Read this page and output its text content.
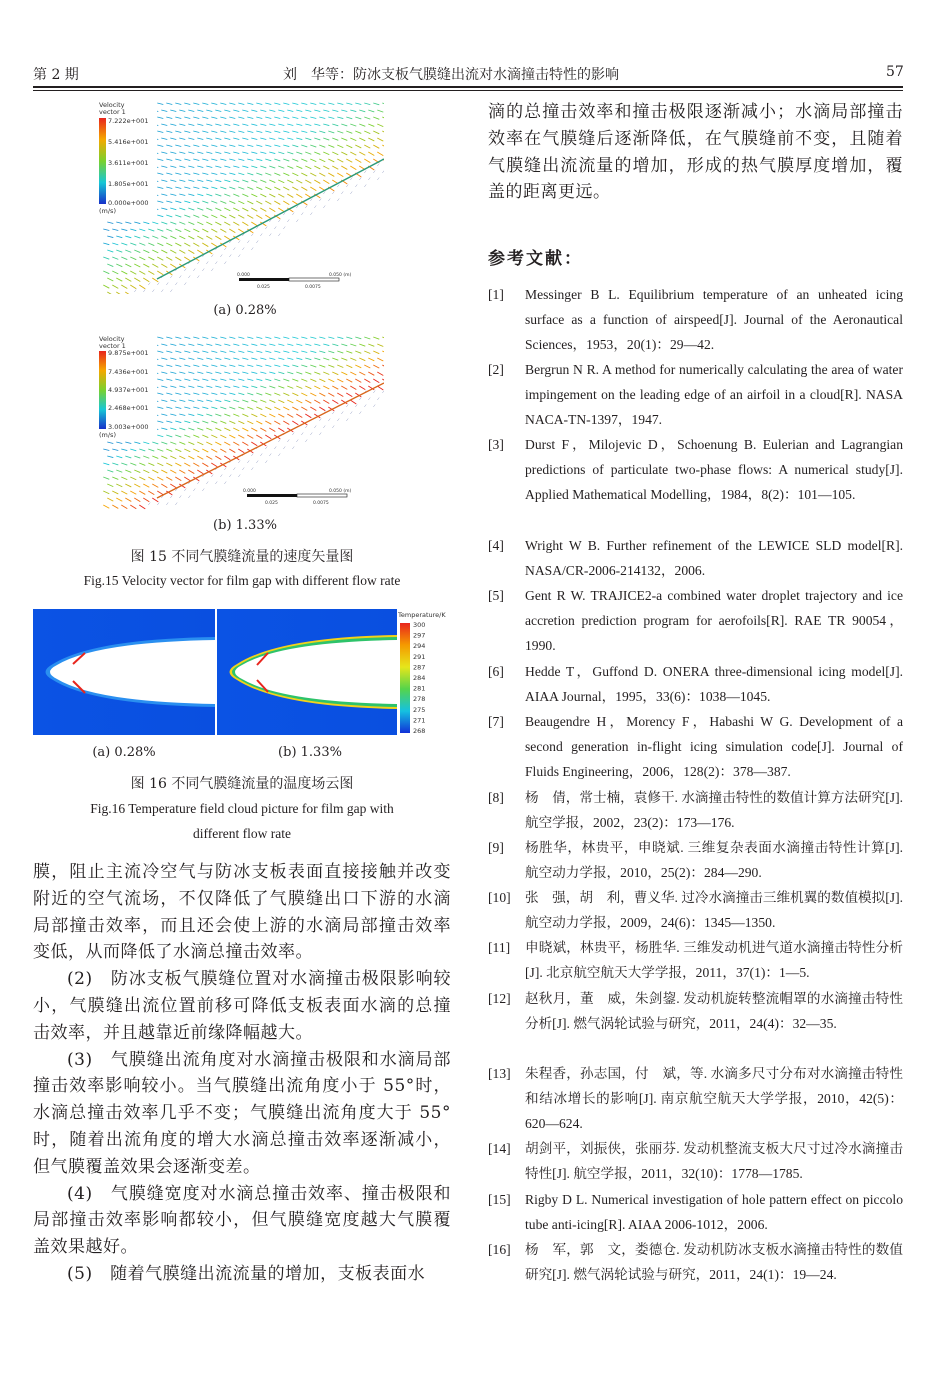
第 2 期	刘　华等：防冰支板气膜缝出流对水滴撞击特性的影响	57
Velocity
vector 1
7.222e+001
5.416e+001
3.611e+001
1.805e+001
0.000e+000
(m/s)
0.000	0.050 (m)
0.025	0.0075
(a) 0.28%
Velocity
vector 1
9.875e+001
7.436e+001
4.937e+001
2.468e+001
3.003e+000
(m/s)
0.000	0.050 (m)
0.025	0.0075
(b) 1.33%
图 15 不同气膜缝流量的速度矢量图
Fig.15 Velocity vector for film gap with different flow rate
Temperature/K
300
297
294
291
287
284
281
278
275
271
268
(a) 0.28%	(b) 1.33%
图 16 不同气膜缝流量的温度场云图
Fig.16 Temperature field cloud picture for film gap with
different flow rate

膜，阻止主流冷空气与防冰支板表面直接接触并改变附近的空气流场，不仅降低了气膜缝出口下游的水滴局部撞击效率，而且还会使上游的水滴局部撞击效率变低，从而降低了水滴总撞击效率。

(2)　防冰支板气膜缝位置对水滴撞击极限影响较小，气膜缝出流位置前移可降低支板表面水滴的总撞击效率，并且越靠近前缘降幅越大。

(3)　气膜缝出流角度对水滴撞击极限和水滴局部撞击效率影响较小。当气膜缝出流角度小于 55°时，水滴总撞击效率几乎不变；气膜缝出流角度大于 55°时，随着出流角度的增大水滴总撞击效率逐渐减小，但气膜覆盖效果会逐渐变差。

(4)　气膜缝宽度对水滴总撞击效率、撞击极限和局部撞击效率影响都较小，但气膜缝宽度越大气膜覆盖效果越好。

(5)　随着气膜缝出流流量的增加，支板表面水

滴的总撞击效率和撞击极限逐渐减小；水滴局部撞击效率在气膜缝后逐渐降低，在气膜缝前不变，且随着气膜缝出流流量的增加，形成的热气膜厚度增加，覆盖的距离更远。

参考文献：
[1] Messinger B L. Equilibrium temperature of an unheated icing surface as a function of airspeed[J]. Journal of the Aeronautical Sciences，1953，20(1)：29—42.
[2] Bergrun N R. A method for numerically calculating the area of water impingement on the leading edge of an airfoil in a cloud[R]. NASA NACA-TN-1397，1947.
[3] Durst F，Milojevic D，Schoenung B. Eulerian and Lagrangian predictions of particulate two-phase flows: A numerical study[J]. Applied Mathematical Modelling，1984，8(2)：101—105.
[4] Wright W B. Further refinement of the LEWICE SLD model[R]. NASA/CR-2006-214132，2006.
[5] Gent R W. TRAJICE2-a combined water droplet trajectory and ice accretion prediction program for aerofoils[R]. RAE TR 90054，1990.
[6] Hedde T，Guffond D. ONERA three-dimensional icing model[J]. AIAA Journal，1995，33(6)：1038—1045.
[7] Beaugendre H，Morency F，Habashi W G. Development of a second generation in-flight icing simulation code[J]. Journal of Fluids Engineering，2006，128(2)：378—387.
[8] 杨　倩，常士楠，袁修干. 水滴撞击特性的数值计算方法研究[J]. 航空学报，2002，23(2)：173—176.
[9] 杨胜华，林贵平，申晓斌. 三维复杂表面水滴撞击特性计算[J]. 航空动力学报，2010，25(2)：284—290.
[10] 张　强，胡　利，曹义华. 过冷水滴撞击三维机翼的数值模拟[J]. 航空动力学报，2009，24(6)：1345—1350.
[11] 申晓斌，林贵平，杨胜华. 三维发动机进气道水滴撞击特性分析[J]. 北京航空航天大学学报，2011，37(1)：1—5.
[12] 赵秋月，董　威，朱剑鋆. 发动机旋转整流帽罩的水滴撞击特性分析[J]. 燃气涡轮试验与研究，2011，24(4)：32—35.
[13] 朱程香，孙志国，付　斌，等. 水滴多尺寸分布对水滴撞击特性和结冰增长的影响[J]. 南京航空航天大学学报，2010，42(5)：620—624.
[14] 胡剑平，刘振侠，张丽芬. 发动机整流支板大尺寸过冷水滴撞击特性[J]. 航空学报，2011，32(10)：1778—1785.
[15] Rigby D L. Numerical investigation of hole pattern effect on piccolo tube anti-icing[R]. AIAA 2006-1012，2006.
[16] 杨　军，郭　文，娄德仓. 发动机防冰支板水滴撞击特性的数值研究[J]. 燃气涡轮试验与研究，2011，24(1)：19—24.
